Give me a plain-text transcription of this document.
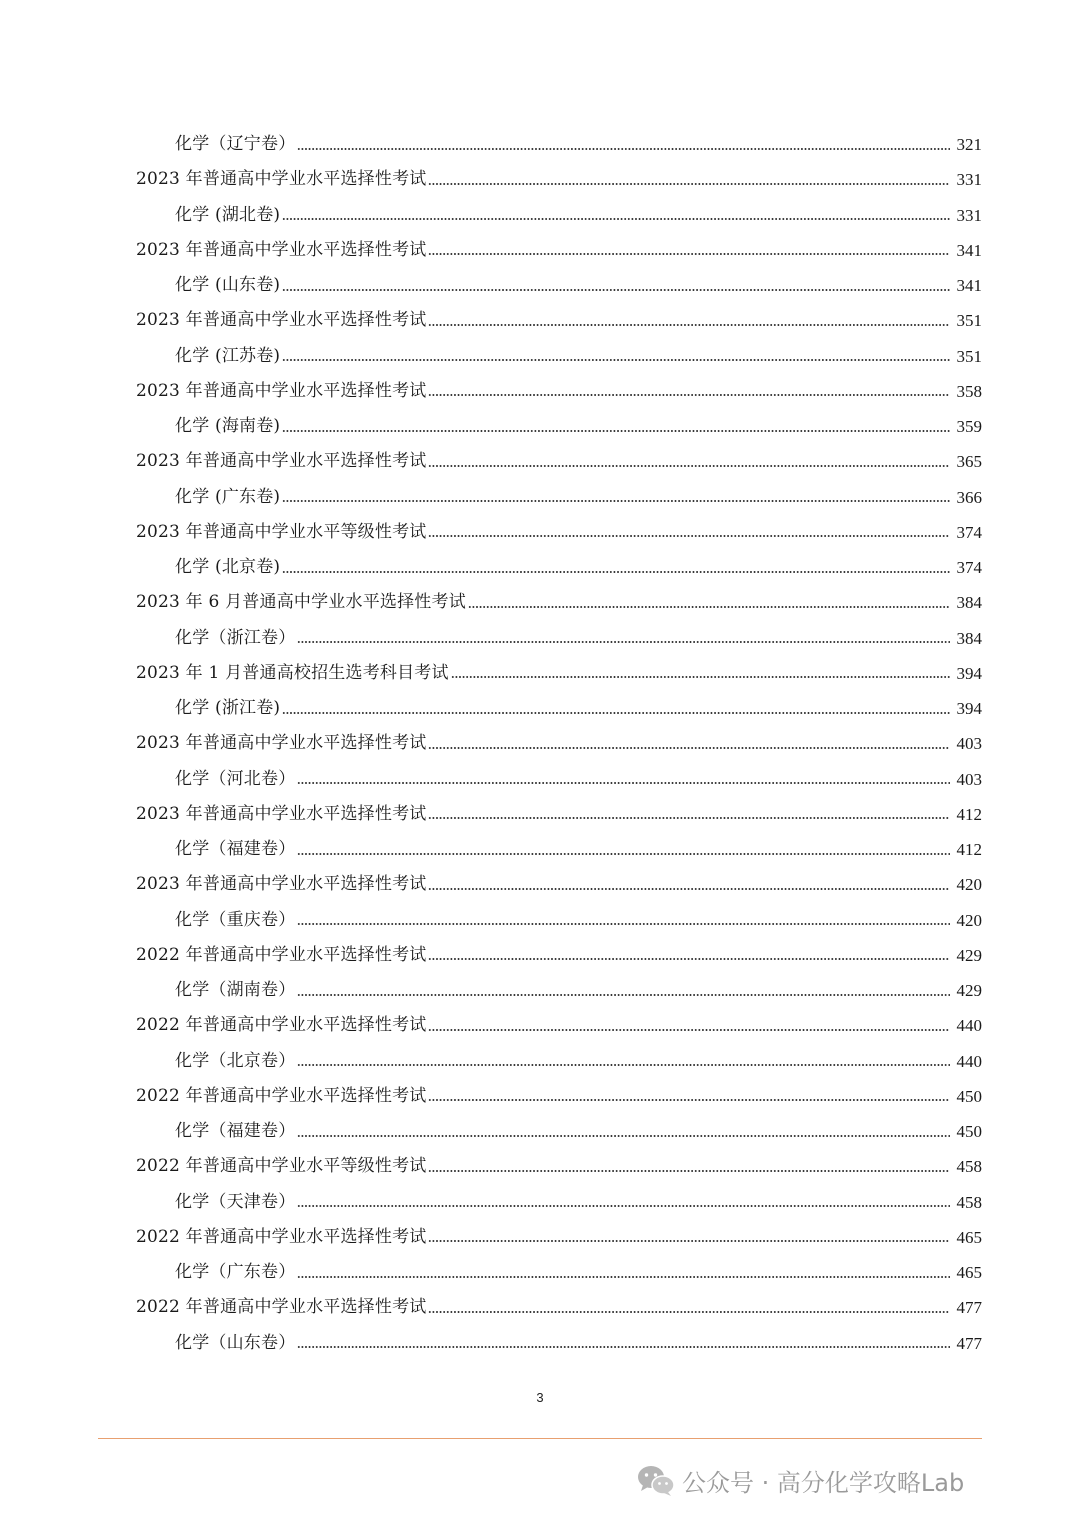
化学（辽宁卷）	321
2023 年普通高中学业水平选择性考试	331
化学 (湖北卷)	331
2023 年普通高中学业水平选择性考试	341
化学 (山东卷)	341
2023 年普通高中学业水平选择性考试	351
化学 (江苏卷)	351
2023 年普通高中学业水平选择性考试	358
化学 (海南卷)	359
2023 年普通高中学业水平选择性考试	365
化学 (广东卷)	366
2023 年普通高中学业水平等级性考试	374
化学 (北京卷)	374
2023 年 6 月普通高中学业水平选择性考试	384
化学（浙江卷）	384
2023 年 1 月普通高校招生选考科目考试	394
化学 (浙江卷)	394
2023 年普通高中学业水平选择性考试	403
化学（河北卷）	403
2023 年普通高中学业水平选择性考试	412
化学（福建卷）	412
2023 年普通高中学业水平选择性考试	420
化学（重庆卷）	420
2022 年普通高中学业水平选择性考试	429
化学（湖南卷）	429
2022 年普通高中学业水平选择性考试	440
化学（北京卷）	440
2022 年普通高中学业水平选择性考试	450
化学（福建卷）	450
2022 年普通高中学业水平等级性考试	458
化学（天津卷）	458
2022 年普通高中学业水平选择性考试	465
化学（广东卷）	465
2022 年普通高中学业水平选择性考试	477
化学（山东卷）	477
3
公众号 · 高分化学攻略Lab
